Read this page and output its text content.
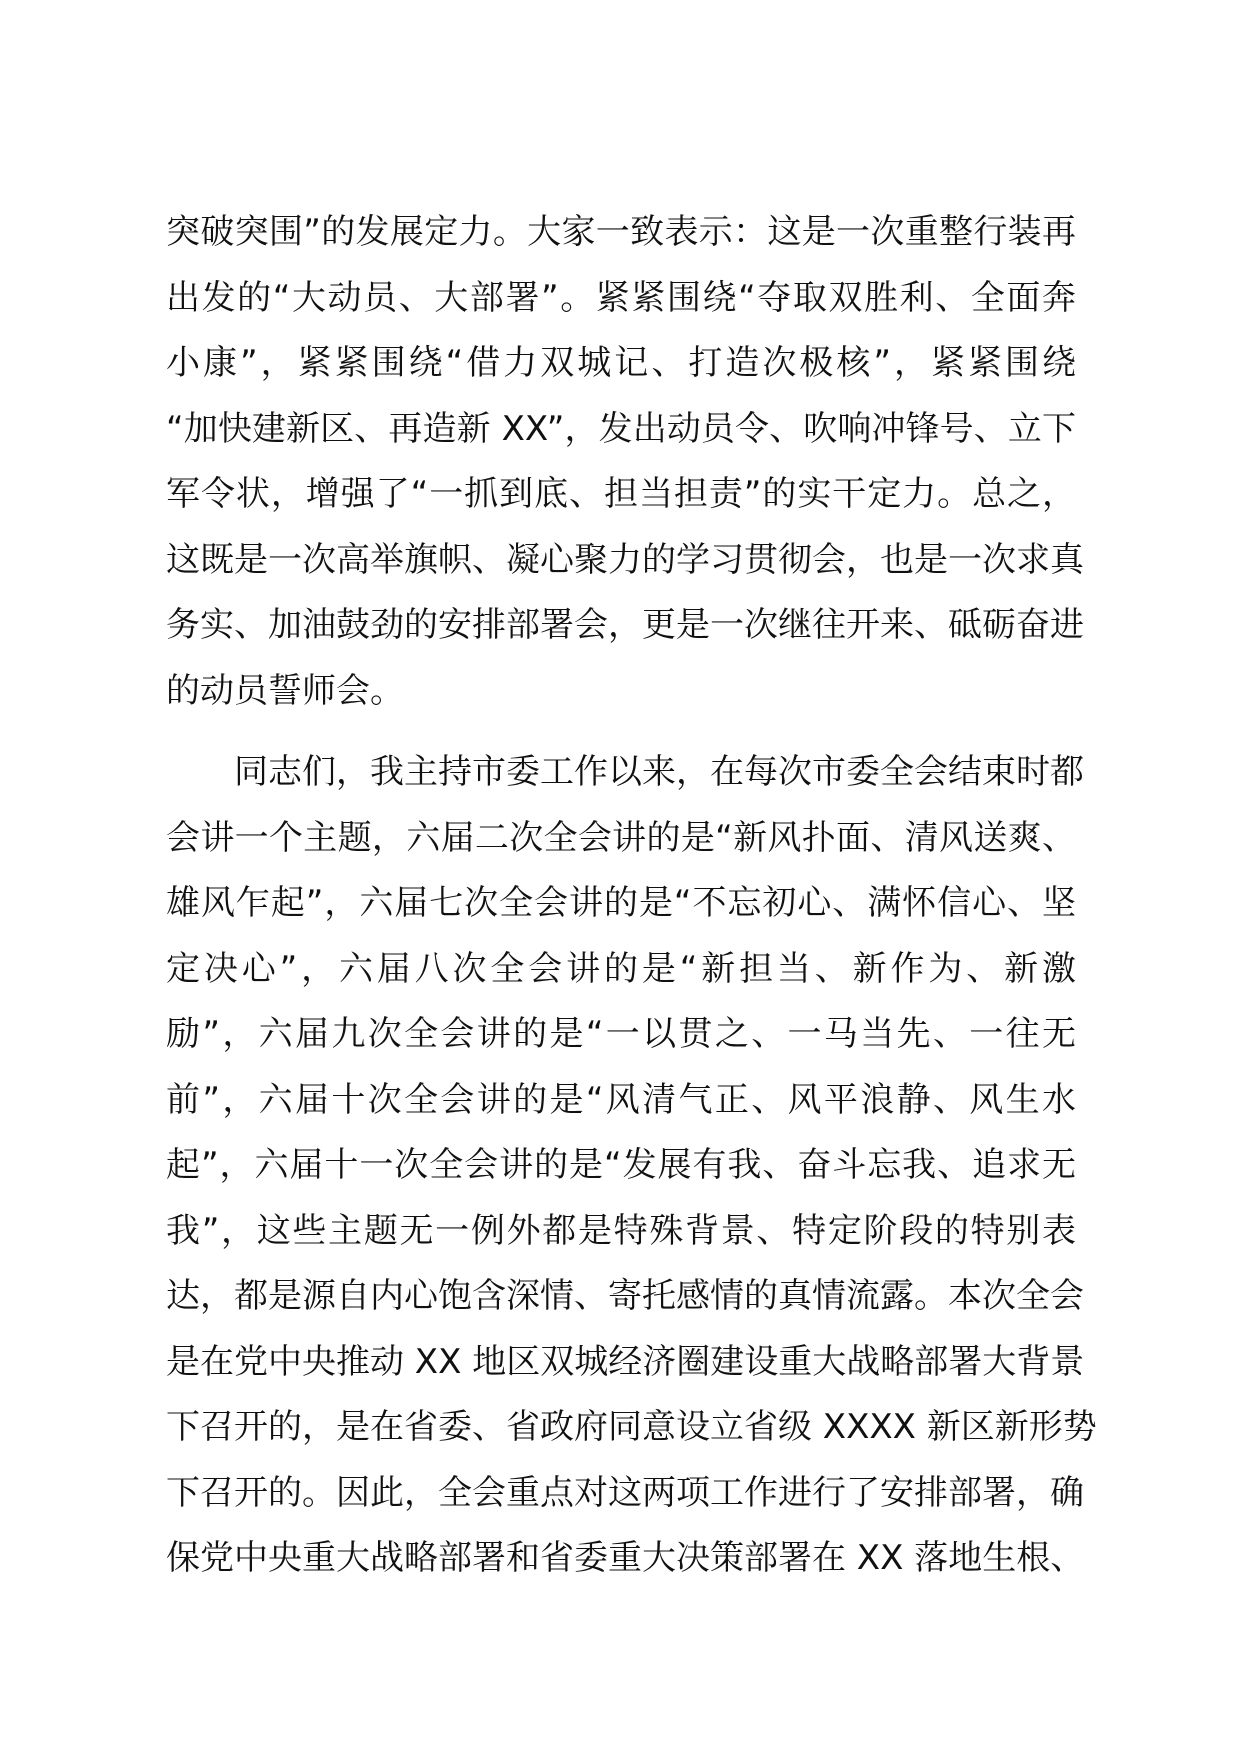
突破突围”的发展定力。大家一致表示：这是一次重整行装再
出发的“大动员、大部署”。紧紧围绕“夺取双胜利、全面奔
小康”，紧紧围绕“借力双城记、打造次极核”，紧紧围绕
“加快建新区、再造新 XX”，发出动员令、吹响冲锋号、立下
军令状，增强了“一抓到底、担当担责”的实干定力。总之，
这既是一次高举旗帜、凝心聚力的学习贯彻会，也是一次求真
务实、加油鼓劲的安排部署会，更是一次继往开来、砥砺奋进
的动员誓师会。
同志们，我主持市委工作以来，在每次市委全会结束时都
会讲一个主题，六届二次全会讲的是“新风扑面、清风送爽、
雄风乍起”，六届七次全会讲的是“不忘初心、满怀信心、坚
定决心”，六届八次全会讲的是“新担当、新作为、新激
励”，六届九次全会讲的是“一以贯之、一马当先、一往无
前”，六届十次全会讲的是“风清气正、风平浪静、风生水
起”，六届十一次全会讲的是“发展有我、奋斗忘我、追求无
我”，这些主题无一例外都是特殊背景、特定阶段的特别表
达，都是源自内心饱含深情、寄托感情的真情流露。本次全会
是在党中央推动 XX 地区双城经济圈建设重大战略部署大背景
下召开的，是在省委、省政府同意设立省级 XXXX 新区新形势
下召开的。因此，全会重点对这两项工作进行了安排部署，确
保党中央重大战略部署和省委重大决策部署在 XX 落地生根、
